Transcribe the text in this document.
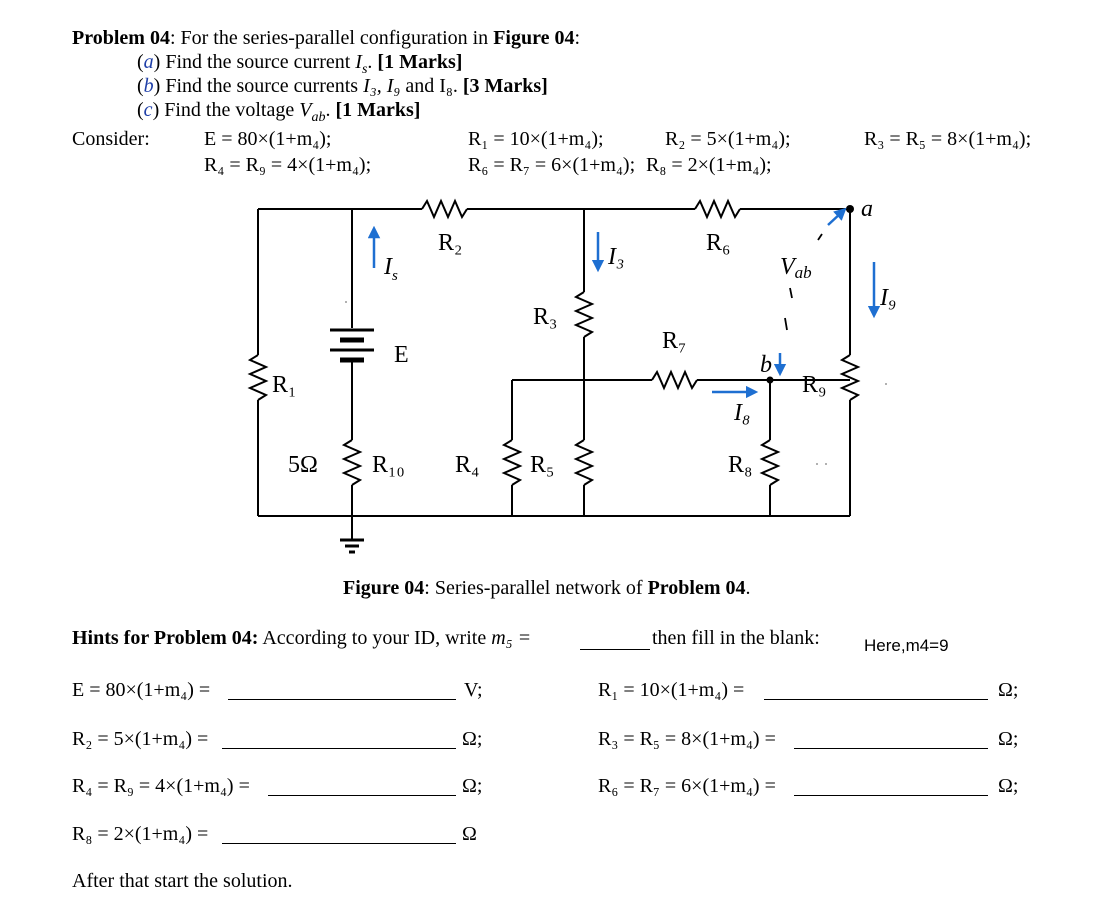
Problem 04: For the series-parallel configuration in Figure 04:
(a) Find the source current $I_s$. [1 Marks]
(b) Find the source currents I₃, I₉ and I₈. [3 Marks]
(c) Find the voltage $V_{ab}$. [1 Marks]
Consider:	E = 80×(1+m₄);	R₁ = 10×(1+m₄);	R₂ = 5×(1+m₄);	R₃ = R₅ = 8×(1+m₄);
R₄ = R₉ = 4×(1+m₄);	R₆ = R₇ = 6×(1+m₄); R₈ = 2×(1+m₄);
R₂	R₆
R₃
R₇
R₁	R₉
R₁₀ R₄ R₅	R₈
5Ω
E
$I_s$
I₃
I₉
I₈
Vab
a
b
Figure 04: Series-parallel network of Problem 04.
Hints for Problem 04: According to your ID, write m₅ =	then fill in the blank:	Here,m4=9
E = 80×(1+m₄) =	V;	R₁ = 10×(1+m₄) =	Ω;
R₂ = 5×(1+m₄) =	Ω;	R₃ = R₅ = 8×(1+m₄) =	Ω;
R₄ = R₉ = 4×(1+m₄) =	Ω;	R₆ = R₇ = 6×(1+m₄) =	Ω;
R₈ = 2×(1+m₄) =	Ω
After that start the solution.
